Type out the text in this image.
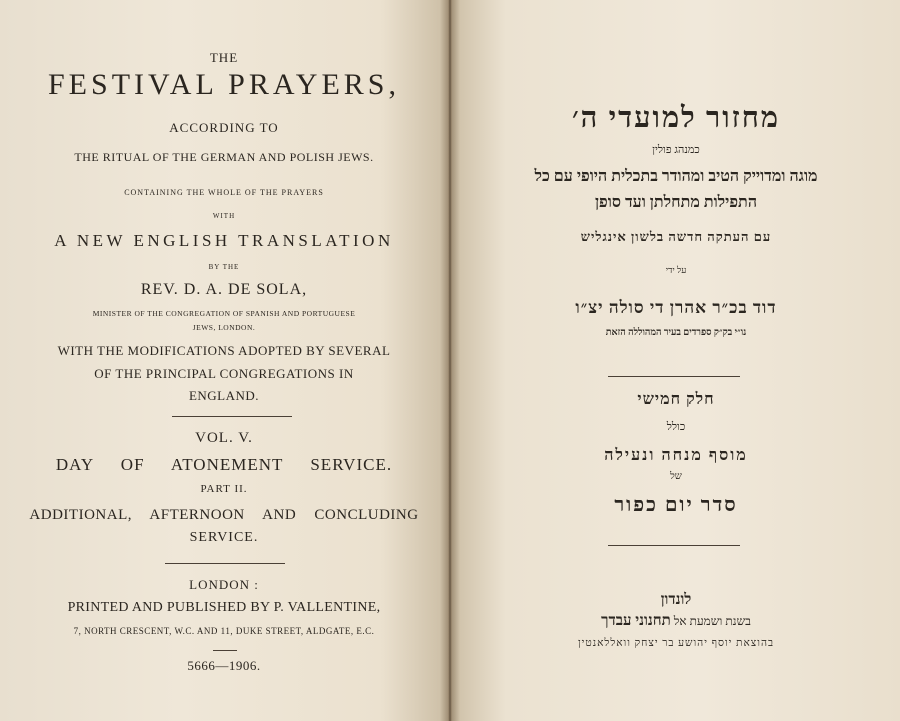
THE
FESTIVAL PRAYERS,
ACCORDING TO
THE RITUAL OF THE GERMAN AND POLISH JEWS.
CONTAINING THE WHOLE OF THE PRAYERS
WITH
A NEW ENGLISH TRANSLATION
BY THE
REV. D. A. DE SOLA,
MINISTER OF THE CONGREGATION OF SPANISH AND PORTUGUESE
JEWS, LONDON.
WITH THE MODIFICATIONS ADOPTED BY SEVERAL
OF THE PRINCIPAL CONGREGATIONS IN
ENGLAND.
VOL. V.
DAY OF ATONEMENT SERVICE.
PART II.
ADDITIONAL, AFTERNOON AND CONCLUDING
SERVICE.
LONDON :
PRINTED AND PUBLISHED BY P. VALLENTINE,
7, NORTH CRESCENT, W.C. AND 11, DUKE STREET, ALDGATE, E.C.
5666—1906.
מחזור למועדי ה׳
כמנהג פולין
מוגה ומדוייק הטיב ומהודר בתכלית היופי עם כל
התפילות מתחלתן ועד סופן
עם העתקה חדשה בלשון אינגליש
על ידי
דוד בכ״ר אהרן די סולה יצ״ו
נו״י בק״ק ספרדים בעיר המהוללה הזאת
חלק חמישי
כולל
מוסף מנחה ונעילה
של
סדר יום כפור
לונדון
בשנת ושמעת אל תחנוני עבדך
בהוצאת יוסף יהושע בר יצחק וואללאנטין
